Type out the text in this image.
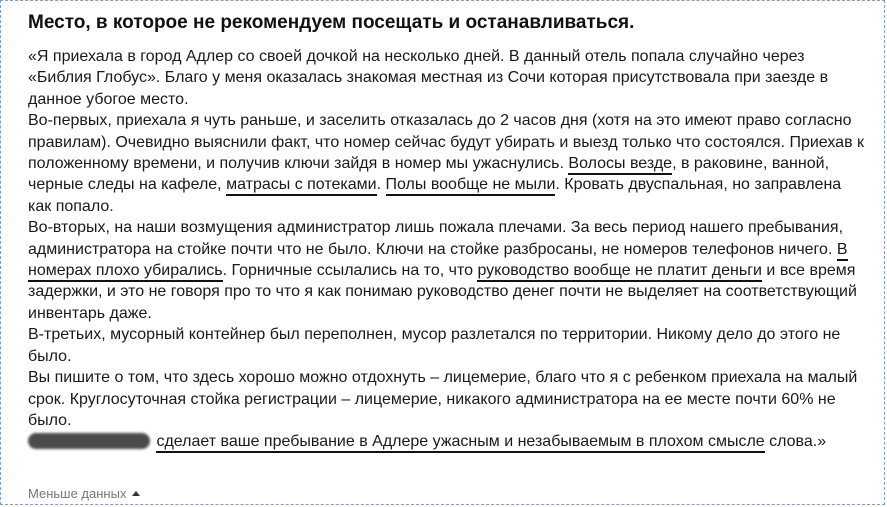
Место, в которое не рекомендуем посещать и останавливаться.

«Я приехала в город Адлер со своей дочкой на несколько дней. В данный отель попала случайно через «Библия Глобус». Благо у меня оказалась знакомая местная из Сочи которая присутствовала при заезде в данное убогое место.

Во-первых, приехала я чуть раньше, и заселить отказалась до 2 часов дня (хотя на это имеют право согласно правилам). Очевидно выяснили факт, что номер сейчас будут убирать и выезд только что состоялся. Приехав к положенному времени, и получив ключи зайдя в номер мы ужаснулись. Волосы везде, в раковине, ванной, черные следы на кафеле, матрасы с потеками. Полы вообще не мыли. Кровать двуспальная, но заправлена как попало.

Во-вторых, на наши возмущения администратор лишь пожала плечами. За весь период нашего пребывания, администратора на стойке почти что не было. Ключи на стойке разбросаны, не номеров телефонов ничего. В номерах плохо убирались. Горничные ссылались на то, что руководство вообще не платит деньги и все время задержки, и это не говоря про то что я как понимаю руководство денег почти не выделяет на соответствующий инвентарь даже.

В-третьих, мусорный контейнер был переполнен, мусор разлетался по территории. Никому дело до этого не было.

Вы пишите о том, что здесь хорошо можно отдохнуть – лицемерие, благо что я с ребенком приехала на малый срок. Круглосуточная стойка регистрации – лицемерие, никакого администратора на ее месте почти 60% не было.

сделает ваше пребывание в Адлере ужасным и незабываемым в плохом смысле слова.»

Меньше данных
